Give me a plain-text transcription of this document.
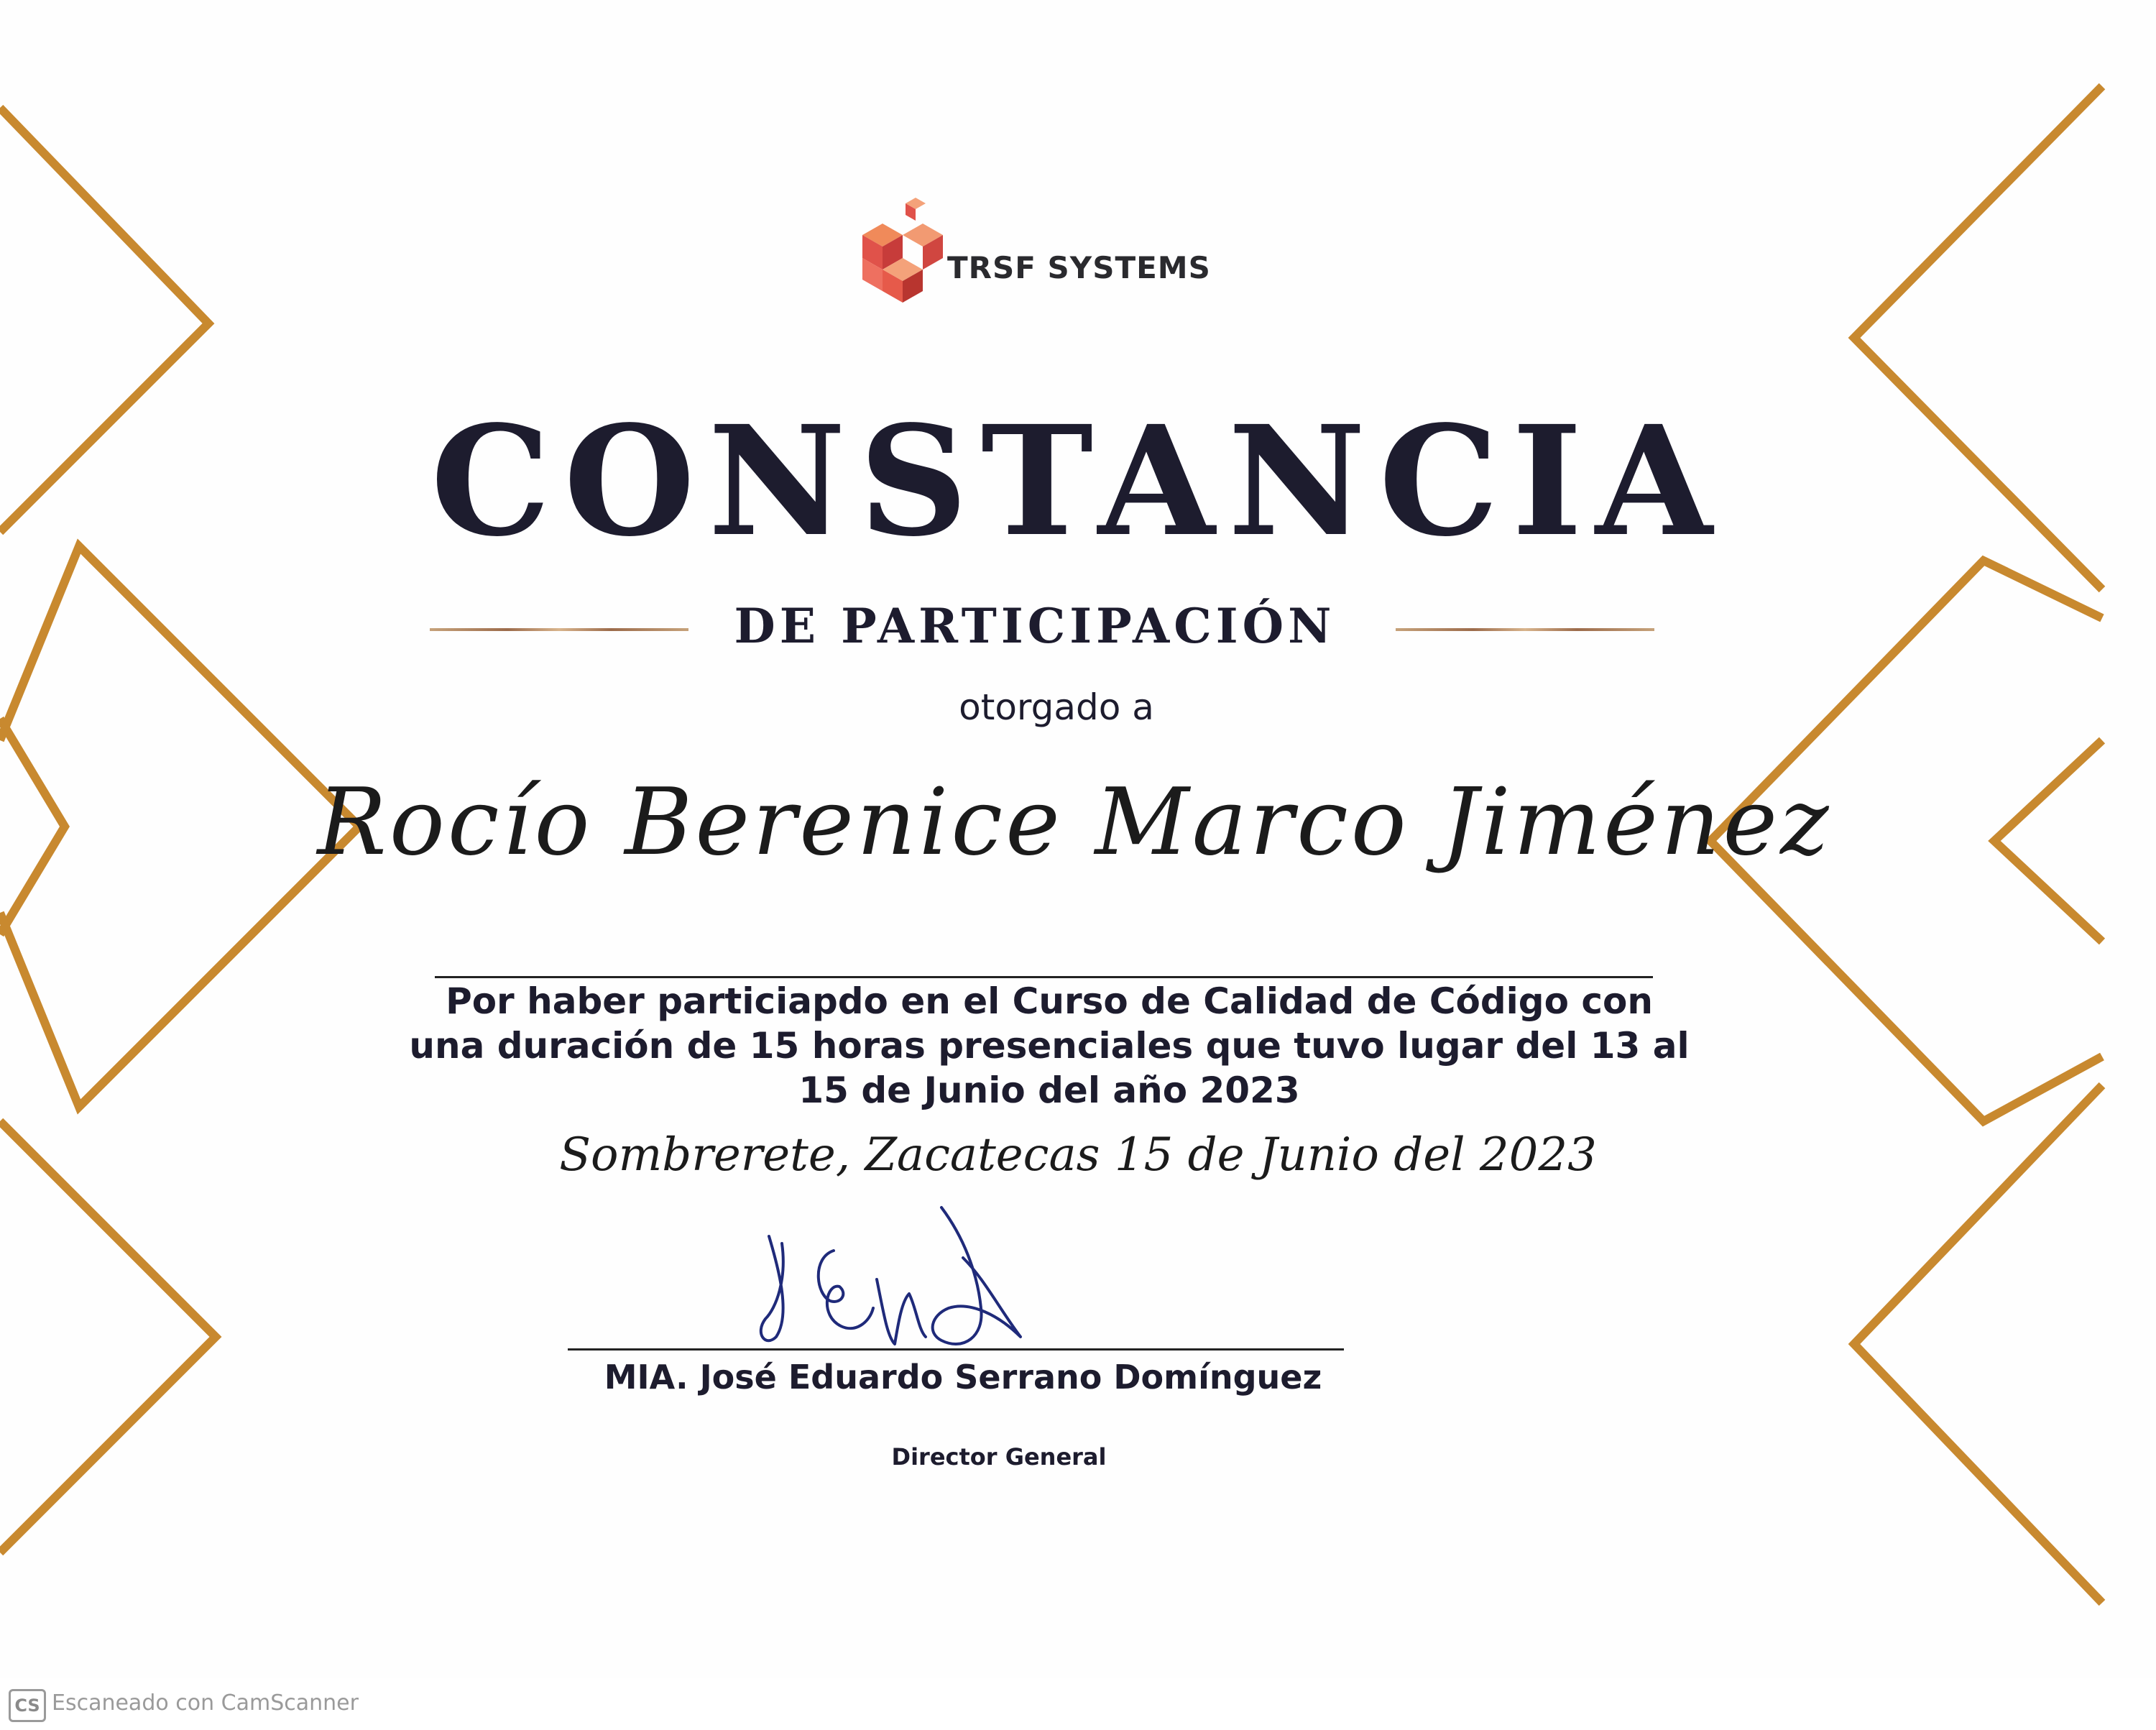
TRSF SYSTEMS
CONSTANCIA
DE PARTICIPACIÓN
otorgado a
Rocío Berenice Marco Jiménez
Por haber particiapdo en el Curso de Calidad de Código con una duración de 15 horas presenciales que tuvo lugar del 13 al 15 de Junio del año 2023
Sombrerete, Zacatecas 15 de Junio del 2023
MIA. José Eduardo Serrano Domínguez
Director General
CS Escaneado con CamScanner
